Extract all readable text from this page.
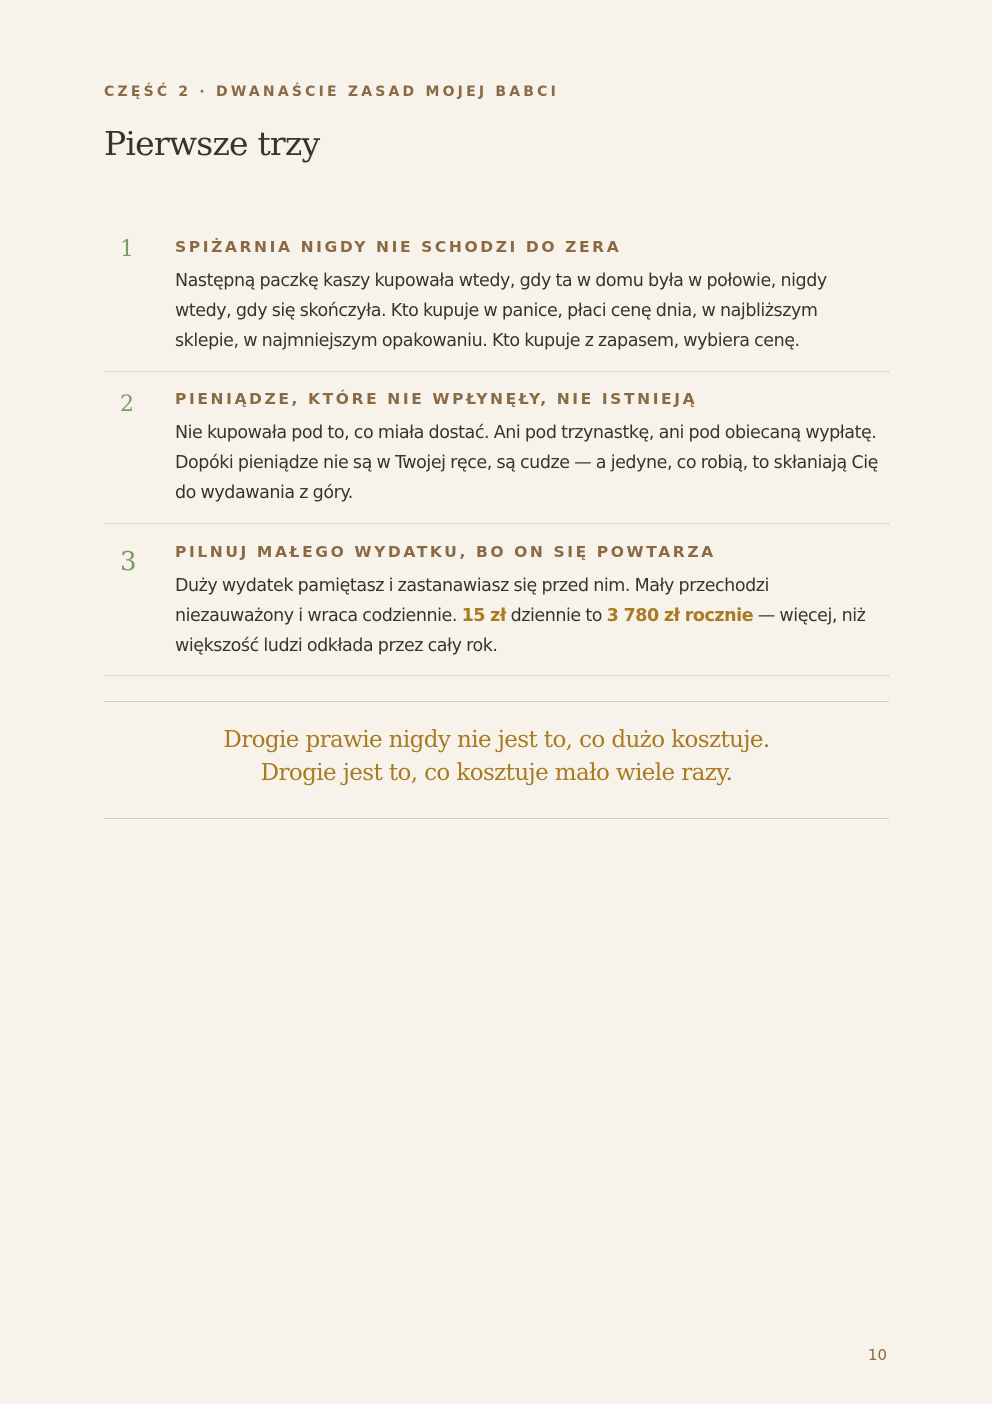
CZĘŚĆ 2 · DWANAŚCIE ZASAD MOJEJ BABCI
Pierwsze trzy
1	SPIŻARNIA NIGDY NIE SCHODZI DO ZERA

Następną paczkę kaszy kupowała wtedy, gdy ta w domu była w połowie, nigdy wtedy, gdy się skończyła. Kto kupuje w panice, płaci cenę dnia, w najbliższym sklepie, w najmniejszym opakowaniu. Kto kupuje z zapasem, wybiera cenę.

2	PIENIĄDZE, KTÓRE NIE WPŁYNĘŁY, NIE ISTNIEJĄ

Nie kupowała pod to, co miała dostać. Ani pod trzynastkę, ani pod obiecaną wypłatę. Dopóki pieniądze nie są w Twojej ręce, są cudze — a jedyne, co robią, to skłaniają Cię do wydawania z góry.

3 PILNUJ MAŁEGO WYDATKU, BO ON SIĘ POWTARZA

Duży wydatek pamiętasz i zastanawiasz się przed nim. Mały przechodzi niezauważony i wraca codziennie. 15 zł dziennie to 3 780 zł rocznie — więcej, niż większość ludzi odkłada przez cały rok.

Drogie prawie nigdy nie jest to, co dużo kosztuje.
Drogie jest to, co kosztuje mało wiele razy.
10
